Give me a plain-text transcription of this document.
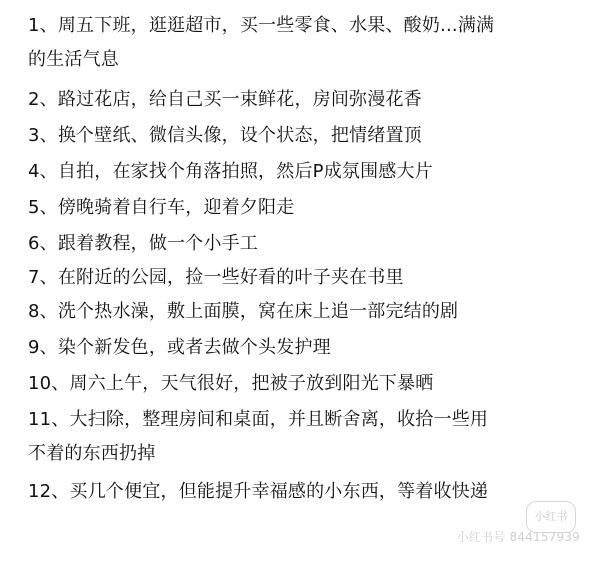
1、周五下班，逛逛超市，买一些零食、水果、酸奶...满满
的生活气息
2、路过花店，给自己买一束鲜花，房间弥漫花香
3、换个壁纸、微信头像，设个状态，把情绪置顶
4、自拍，在家找个角落拍照，然后P成氛围感大片
5、傍晚骑着自行车，迎着夕阳走
6、跟着教程，做一个小手工
7、在附近的公园，捡一些好看的叶子夹在书里
8、洗个热水澡，敷上面膜，窝在床上追一部完结的剧
9、染个新发色，或者去做个头发护理
10、周六上午，天气很好，把被子放到阳光下暴晒
11、大扫除，整理房间和桌面，并且断舍离，收拾一些用
不着的东西扔掉
12、买几个便宜，但能提升幸福感的小东西，等着收快递
小红书
小红书号 844157939
